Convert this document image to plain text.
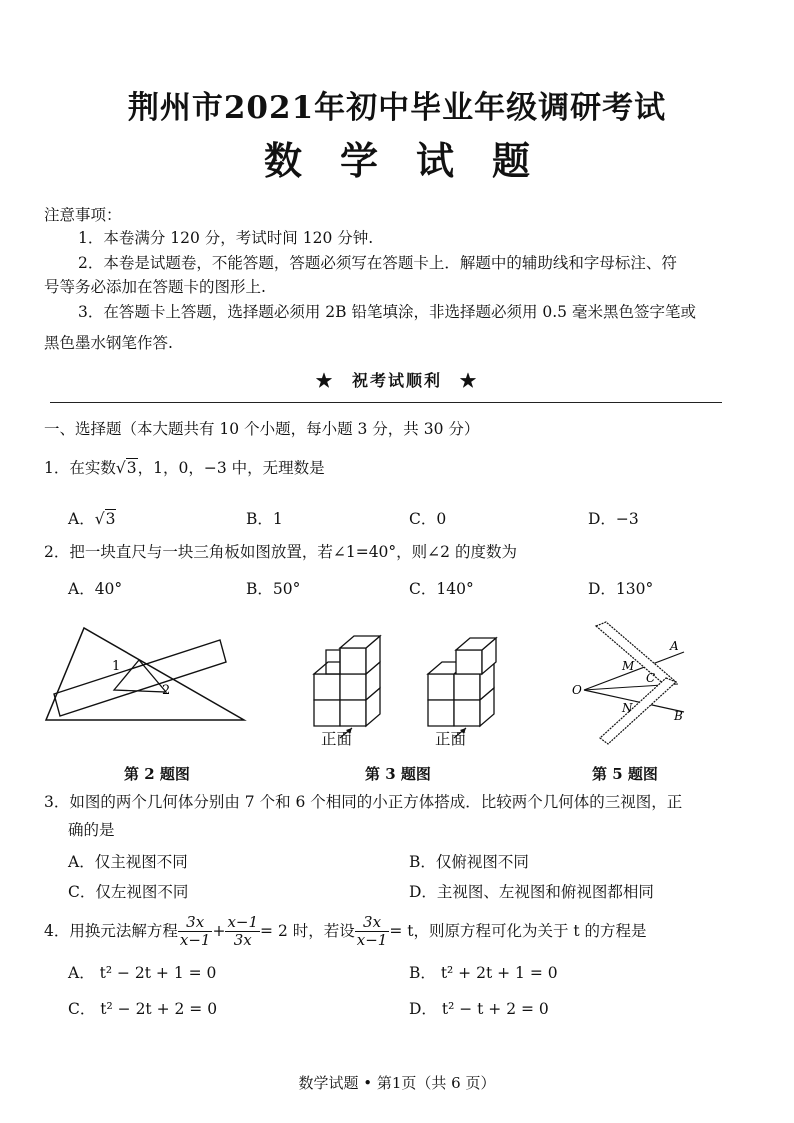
荆州市2021年初中毕业年级调研考试
数学试题
注意事项：
1．本卷满分 120 分，考试时间 120 分钟.
2．本卷是试题卷，不能答题，答题必须写在答题卡上．解题中的辅助线和字母标注、符
号等务必添加在答题卡的图形上.
3．在答题卡上答题，选择题必须用 2B 铅笔填涂，非选择题必须用 0.5 毫米黑色签字笔或
黑色墨水钢笔作答.
★　祝考试顺利　★
一、选择题（本大题共有 10 个小题，每小题 3 分，共 30 分）
1．在实数√3，1，0，−3 中，无理数是
A．√3	B．1	C．0	D．−3
2．把一块直尺与一块三角板如图放置，若∠1=40°，则∠2 的度数为
A．40°	B．50°	C．140°	D．130°
1
2
正面	正面
A
M
C
O
N
B
第 2 题图	第 3 题图	第 5 题图
3．如图的两个几何体分别由 7 个和 6 个相同的小正方体搭成．比较两个几何体的三视图，正
确的是
A．仅主视图不同	B．仅俯视图不同
C．仅左视图不同	D．主视图、左视图和俯视图都相同
4．用换元法解方程 $\frac{3x}{x-1} + \frac{x-1}{3x} = 2$ 时，若设 $\frac{3x}{x-1} = t$，则原方程可化为关于 t 的方程是
A． t² − 2t + 1 = 0	B． t² + 2t + 1 = 0
C． t² − 2t + 2 = 0	D． t² − t + 2 = 0
数学试题 • 第1页（共 6 页）
